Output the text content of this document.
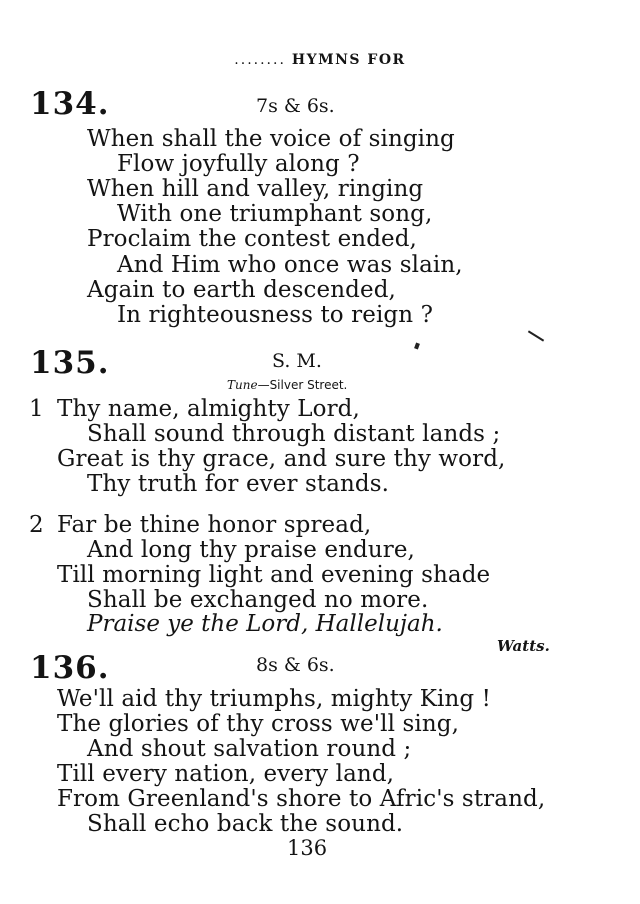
........ HYMNS FOR
134.	7s & 6s.
When shall the voice of singing
Flow joyfully along ?
When hill and valley, ringing
With one triumphant song,
Proclaim the contest ended,
And Him who once was slain,
Again to earth descended,
In righteousness to reign ?
135.	S. M.
Tune—Silver Street.
1 Thy name, almighty Lord,
Shall sound through distant lands ;
Great is thy grace, and sure thy word,
Thy truth for ever stands.
2 Far be thine honor spread,
And long thy praise endure,
Till morning light and evening shade
Shall be exchanged no more.
Praise ye the Lord, Hallelujah.
Watts.
136.	8s & 6s.
We'll aid thy triumphs, mighty King !
The glories of thy cross we'll sing,
And shout salvation round ;
Till every nation, every land,
From Greenland's shore to Afric's strand,
Shall echo back the sound.
136
